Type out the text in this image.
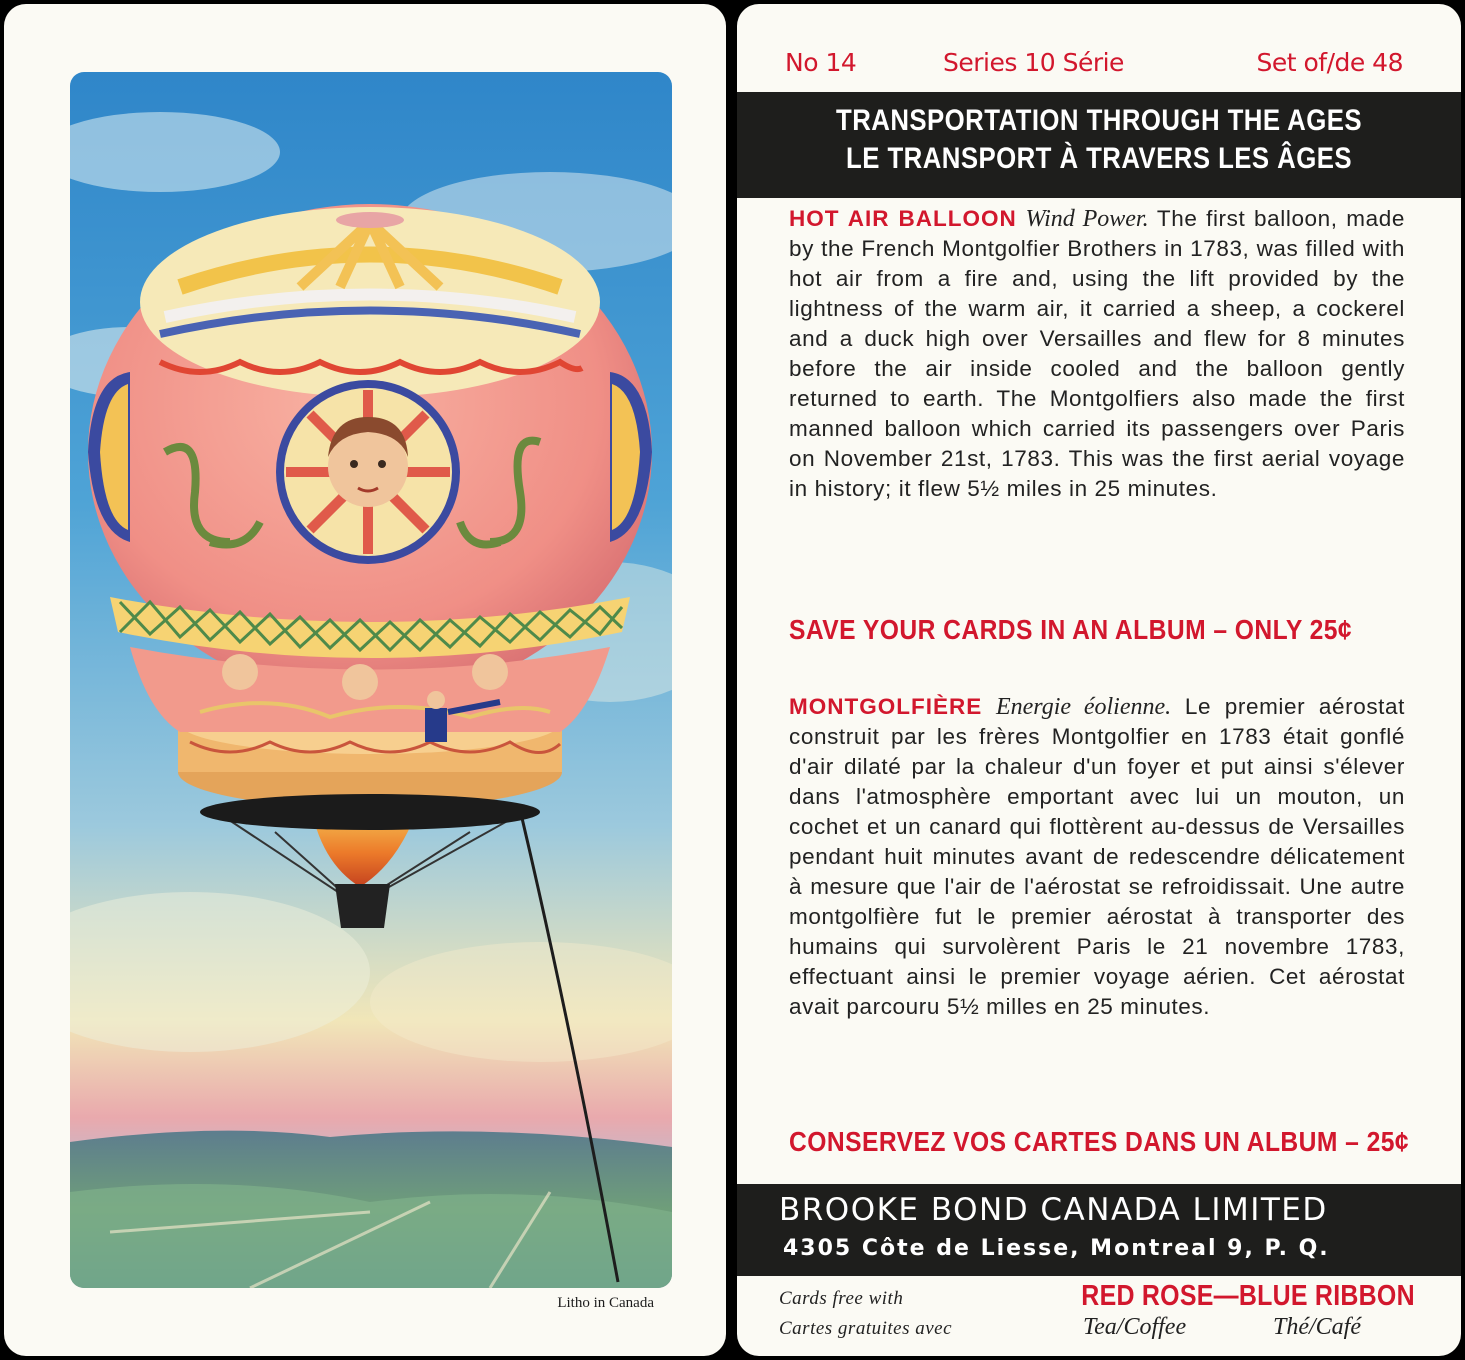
Litho in Canada
No 14	Series 10 Série	Set of/de 48
TRANSPORTATION THROUGH THE AGES
LE TRANSPORT À TRAVERS LES ÂGES
HOT AIR BALLOON Wind Power. The first balloon, made by the French Montgolfier Brothers in 1783, was filled with hot air from a fire and, using the lift provided by the lightness of the warm air, it carried a sheep, a cockerel and a duck high over Versailles and flew for 8 minutes before the air inside cooled and the balloon gently returned to earth. The Montgolfiers also made the first manned balloon which carried its passengers over Paris on November 21st, 1783. This was the first aerial voyage in history; it flew 5½ miles in 25 minutes.
SAVE YOUR CARDS IN AN ALBUM – ONLY 25¢
MONTGOLFIÈRE Energie éolienne. Le premier aérostat construit par les frères Montgolfier en 1783 était gonflé d'air dilaté par la chaleur d'un foyer et put ainsi s'élever dans l'atmosphère emportant avec lui un mouton, un cochet et un canard qui flottèrent au-dessus de Versailles pendant huit minutes avant de redescendre délicatement à mesure que l'air de l'aérostat se refroidissait. Une autre montgolfière fut le premier aérostat à transporter des humains qui survolèrent Paris le 21 novembre 1783, effectuant ainsi le premier voyage aérien. Cet aérostat avait parcouru 5½ milles en 25 minutes.
CONSERVEZ VOS CARTES DANS UN ALBUM – 25¢
BROOKE BOND CANADA LIMITED
4305 Côte de Liesse, Montreal 9, P. Q.
Cards free with
Cartes gratuites avec
RED ROSE—BLUE RIBBON
Tea/Coffee	Thé/Café
